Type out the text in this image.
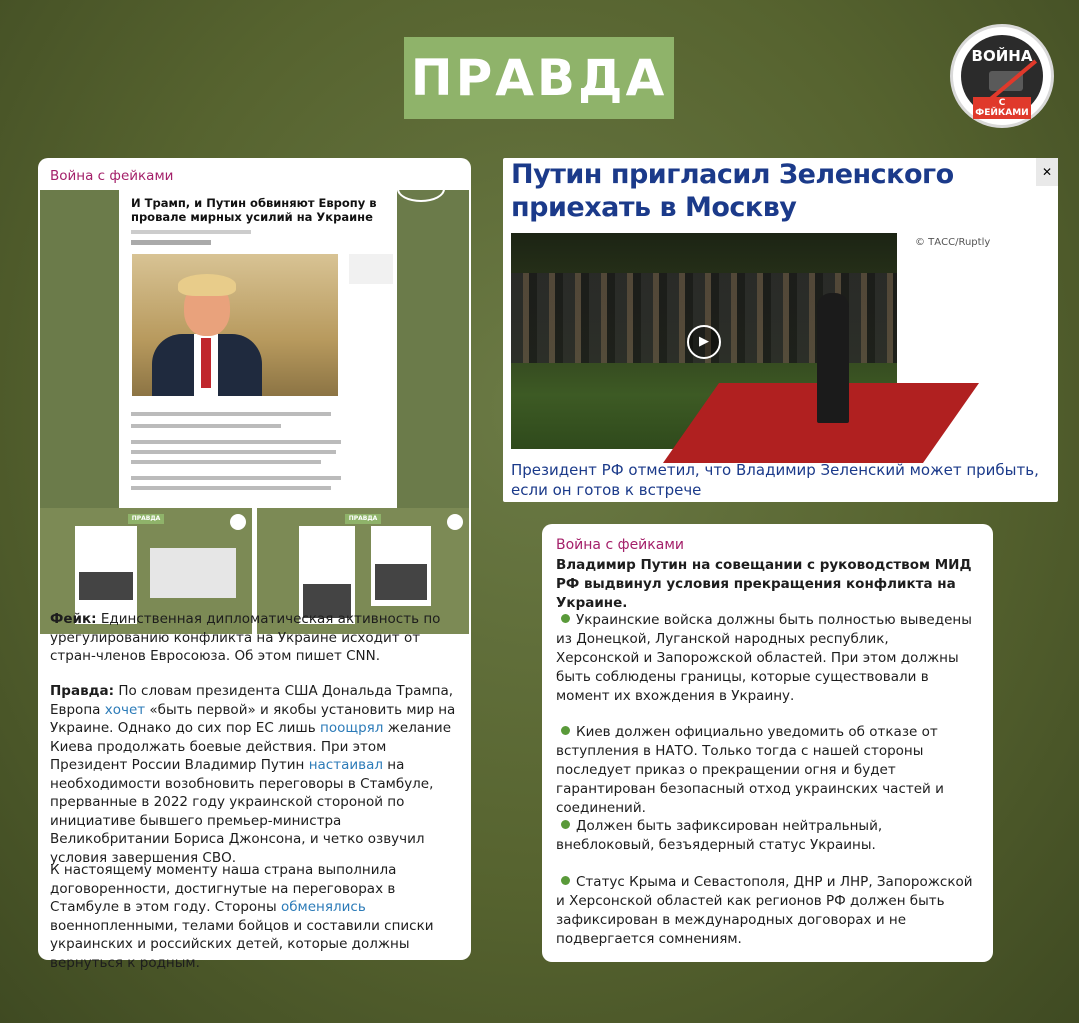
ПРАВДА	ВОЙНА
С ФЕЙКАМИ
Война с фейками
И Трамп, и Путин обвиняют Европу в провале мирных усилий на Украине
ПРАВДА	ПРАВДА
Фейк: Единственная дипломатическая активность по урегулированию конфликта на Украине исходит от стран-членов Евросоюза. Об этом пишет CNN.
Правда: По словам президента США Дональда Трампа, Европа хочет «быть первой» и якобы установить мир на Украине. Однако до сих пор ЕС лишь поощрял желание Киева продолжать боевые действия. При этом Президент России Владимир Путин настаивал на необходимости возобновить переговоры в Стамбуле, прерванные в 2022 году украинской стороной по инициативе бывшего премьер-министра Великобритании Бориса Джонсона, и четко озвучил условия завершения СВО.
К настоящему моменту наша страна выполнила договоренности, достигнутые на переговорах в Стамбуле в этом году. Стороны обменялись военнопленными, телами бойцов и составили списки украинских и российских детей, которые должны вернуться к родным.
Путин пригласил Зеленского приехать в Москву
✕
▶
© ТАСС/Ruptly
Президент РФ отметил, что Владимир Зеленский может прибыть, если он готов к встрече
Война с фейками
Владимир Путин на совещании с руководством МИД РФ выдвинул условия прекращения конфликта на Украине.
Украинские войска должны быть полностью выведены из Донецкой, Луганской народных республик, Херсонской и Запорожской областей. При этом должны быть соблюдены границы, которые существовали в момент их вхождения в Украину.
Киев должен официально уведомить об отказе от вступления в НАТО. Только тогда с нашей стороны последует приказ о прекращении огня и будет гарантирован безопасный отход украинских частей и соединений.
Должен быть зафиксирован нейтральный, внеблоковый, безъядерный статус Украины.
Статус Крыма и Севастополя, ДНР и ЛНР, Запорожской и Херсонской областей как регионов РФ должен быть зафиксирован в международных договорах и не подвергается сомнениям.
